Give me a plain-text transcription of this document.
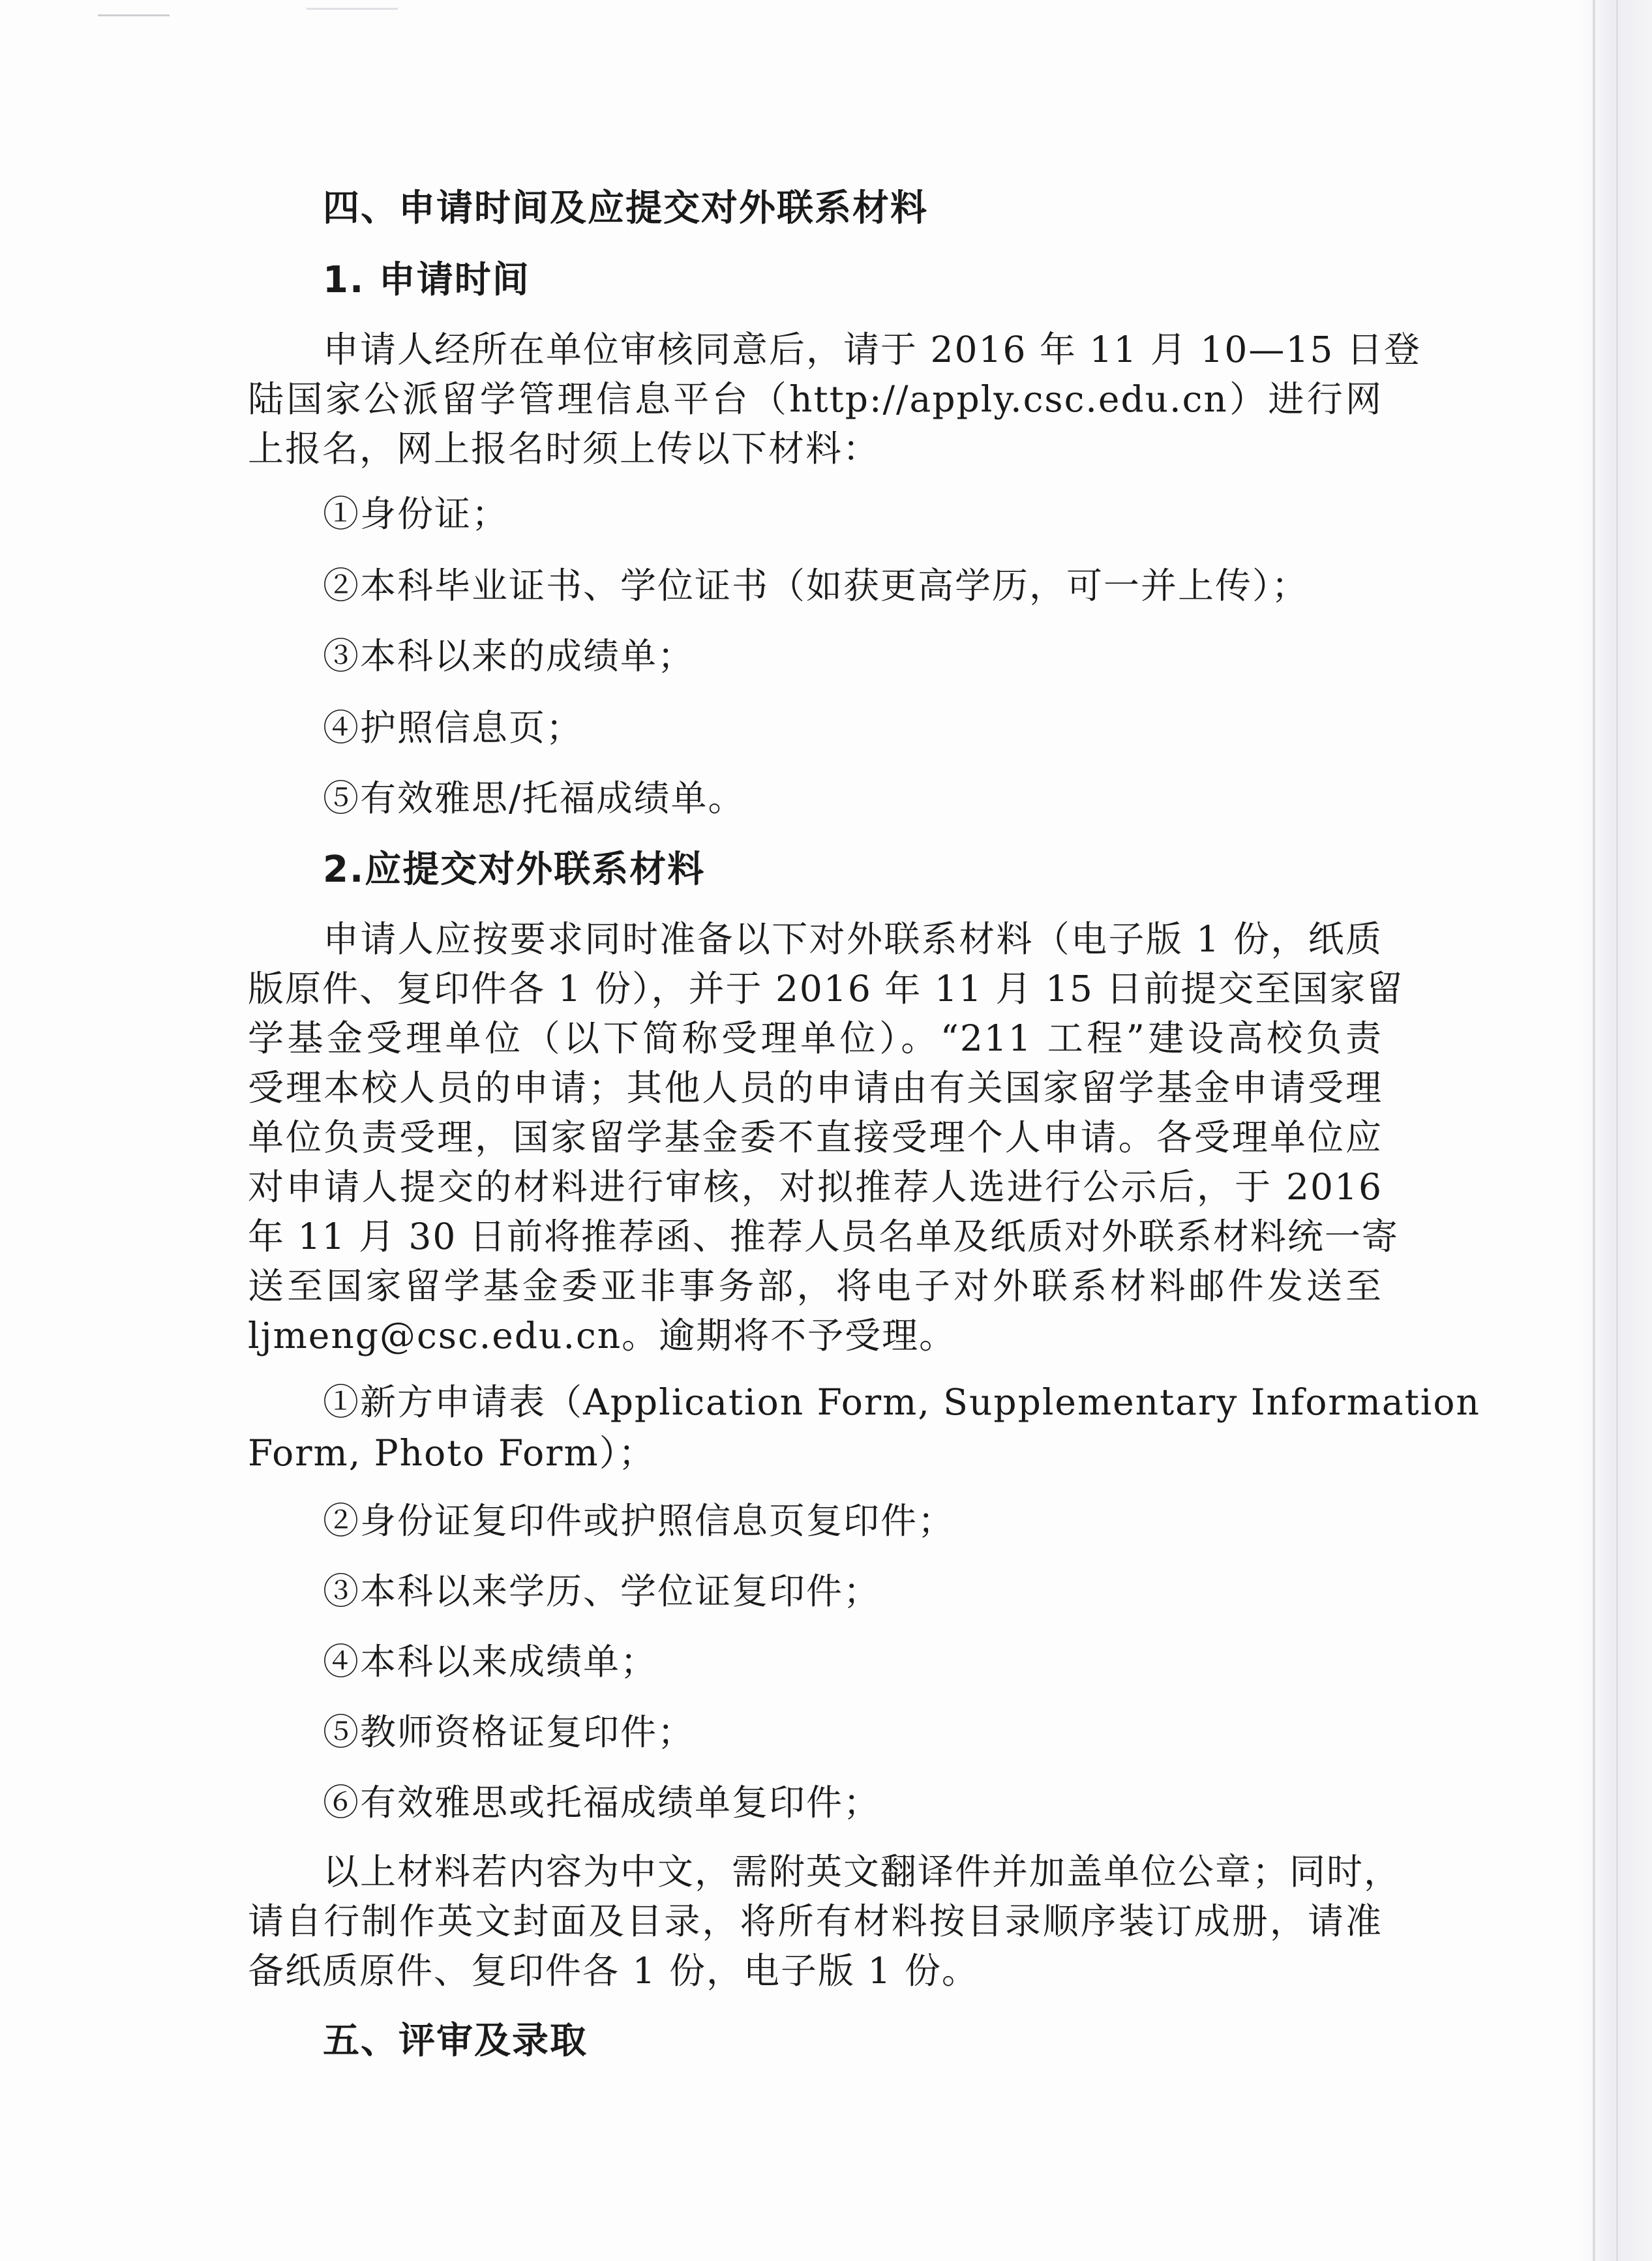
四、申请时间及应提交对外联系材料
1. 申请时间
申请人经所在单位审核同意后，请于 2016 年 11 月 10—15 日登
陆国家公派留学管理信息平台（http://apply.csc.edu.cn）进行网
上报名，网上报名时须上传以下材料：
①身份证；
②本科毕业证书、学位证书（如获更高学历，可一并上传）；
③本科以来的成绩单；
④护照信息页；
⑤有效雅思/托福成绩单。
2.应提交对外联系材料
申请人应按要求同时准备以下对外联系材料（电子版 1 份，纸质
版原件、复印件各 1 份），并于 2016 年 11 月 15 日前提交至国家留
学基金受理单位（以下简称受理单位）。“211 工程”建设高校负责
受理本校人员的申请；其他人员的申请由有关国家留学基金申请受理
单位负责受理，国家留学基金委不直接受理个人申请。各受理单位应
对申请人提交的材料进行审核，对拟推荐人选进行公示后，于 2016
年 11 月 30 日前将推荐函、推荐人员名单及纸质对外联系材料统一寄
送至国家留学基金委亚非事务部，将电子对外联系材料邮件发送至
ljmeng@csc.edu.cn。逾期将不予受理。
①新方申请表（Application Form, Supplementary Information
Form, Photo Form）；
②身份证复印件或护照信息页复印件；
③本科以来学历、学位证复印件；
④本科以来成绩单；
⑤教师资格证复印件；
⑥有效雅思或托福成绩单复印件；
以上材料若内容为中文，需附英文翻译件并加盖单位公章；同时，
请自行制作英文封面及目录，将所有材料按目录顺序装订成册，请准
备纸质原件、复印件各 1 份，电子版 1 份。
五、评审及录取
